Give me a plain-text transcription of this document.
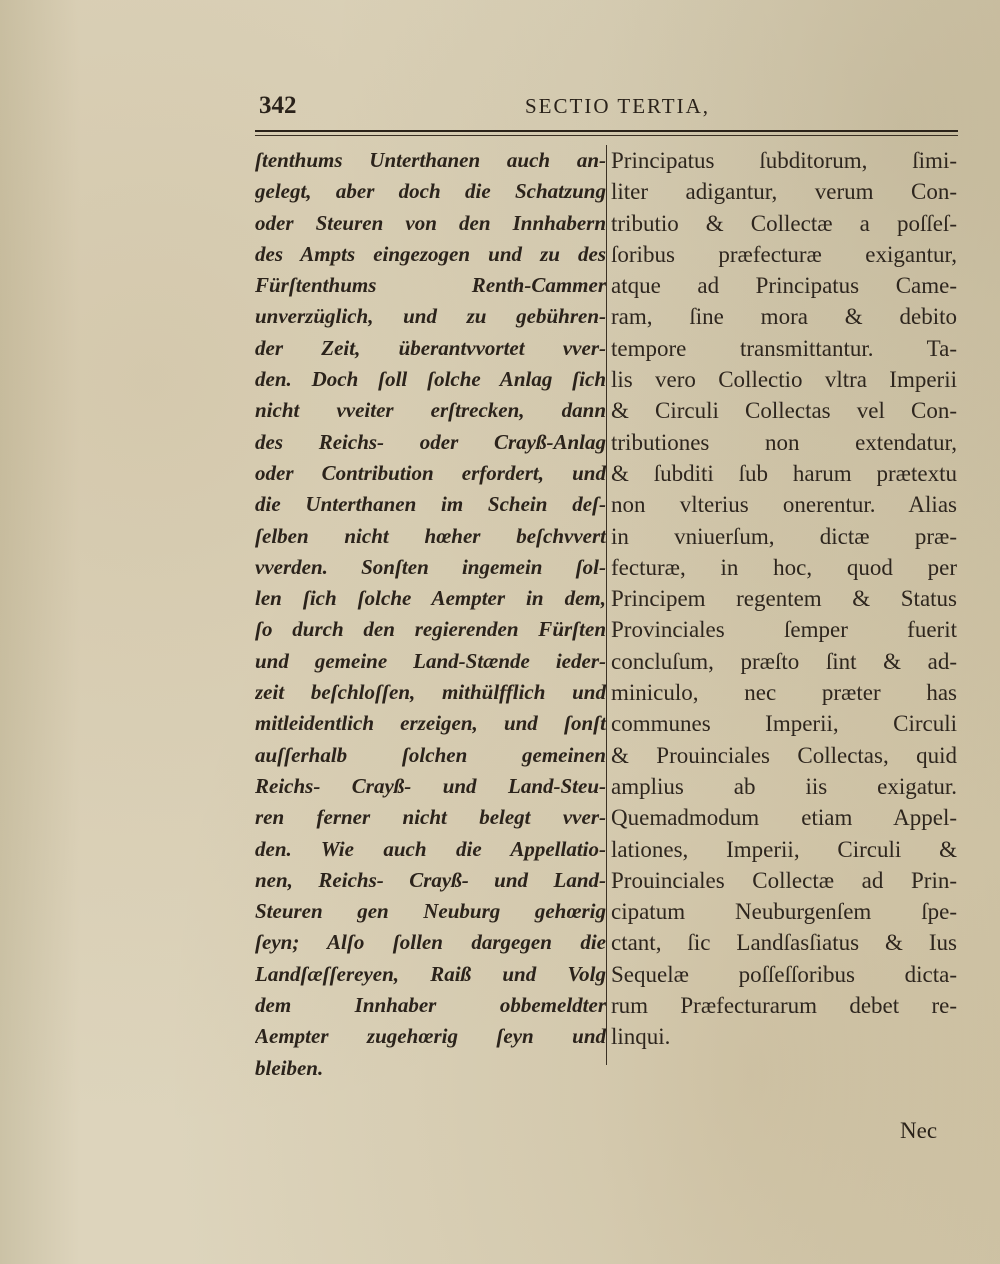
342	SECTIO TERTIA,
ſtenthums Unterthanen auch an-
gelegt, aber doch die Schatzung
oder Steuren von den Innhabern
des Ampts eingezogen und zu des
Fürſtenthums Renth-Cammer
unverzüglich, und zu gebühren-
der Zeit, überantvvortet vver-
den. Doch ſoll ſolche Anlag ſich
nicht vveiter erſtrecken, dann
des Reichs- oder Crayß-Anlag
oder Contribution erfordert, und
die Unterthanen im Schein deſ-
ſelben nicht hœher beſchvvert
vverden. Sonſten ingemein ſol-
len ſich ſolche Aempter in dem,
ſo durch den regierenden Fürſten
und gemeine Land-Stænde ieder-
zeit beſchloſſen, mithülfflich und
mitleidentlich erzeigen, und ſonſt
auſſerhalb ſolchen gemeinen
Reichs- Crayß- und Land-Steu-
ren ferner nicht belegt vver-
den. Wie auch die Appellatio-
nen, Reichs- Crayß- und Land-
Steuren gen Neuburg gehœrig
ſeyn; Alſo ſollen dargegen die
Landſæſſereyen, Raiß und Volg
dem Innhaber obbemeldter
Aempter zugehœrig ſeyn und
bleiben.
Principatus ſubditorum, ſimi-
liter adigantur, verum Con-
tributio & Collectæ a poſſeſ-
ſoribus præfecturæ exigantur,
atque ad Principatus Came-
ram, ſine mora & debito
tempore transmittantur. Ta-
lis vero Collectio vltra Imperii
& Circuli Collectas vel Con-
tributiones non extendatur,
& ſubditi ſub harum prætextu
non vlterius onerentur. Alias
in vniuerſum, dictæ præ-
fecturæ, in hoc, quod per
Principem regentem & Status
Provinciales ſemper fuerit
concluſum, præſto ſint & ad-
miniculo, nec præter has
communes Imperii, Circuli
& Prouinciales Collectas, quid
amplius ab iis exigatur.
Quemadmodum etiam Appel-
lationes, Imperii, Circuli &
Prouinciales Collectæ ad Prin-
cipatum Neuburgenſem ſpe-
ctant, ſic Landſasſiatus & Ius
Sequelæ poſſeſſoribus dicta-
rum Præfecturarum debet re-
linqui.
Nec
